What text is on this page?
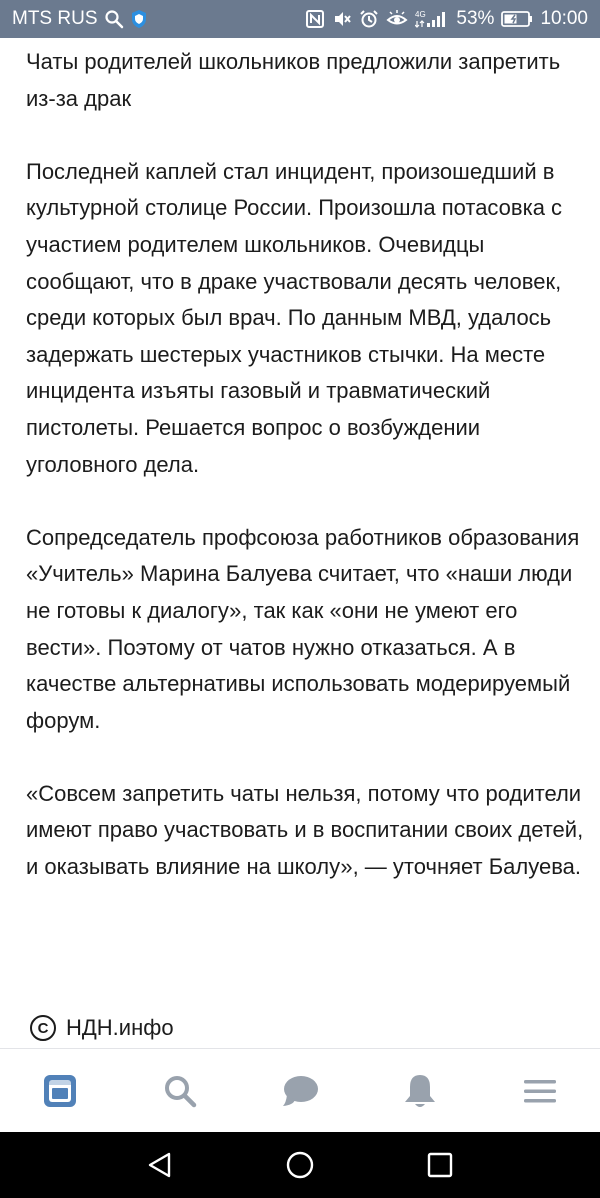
MTS RUS	4G 53% 10:00

Чаты родителей школьников предложили запретить из-за драк

Последней каплей стал инцидент, произошедший в культурной столице России. Произошла потасовка с участием родителем школьников. Очевидцы сообщают, что в драке участвовали десять человек, среди которых был врач. По данным МВД, удалось задержать шестерых участников стычки. На месте инцидента изъяты газовый и травматический пистолеты. Решается вопрос о возбуждении уголовного дела.

Сопредседатель профсоюза работников образования «Учитель» Марина Балуева считает, что «наши люди не готовы к диалогу», так как «они не умеют его вести». Поэтому от чатов нужно отказаться. А в качестве альтернативы использовать модерируемый форум.

«Совсем запретить чаты нельзя, потому что родители имеют право участвовать и в воспитании своих детей, и оказывать влияние на школу», — уточняет Балуева.

C НДН.инфо
